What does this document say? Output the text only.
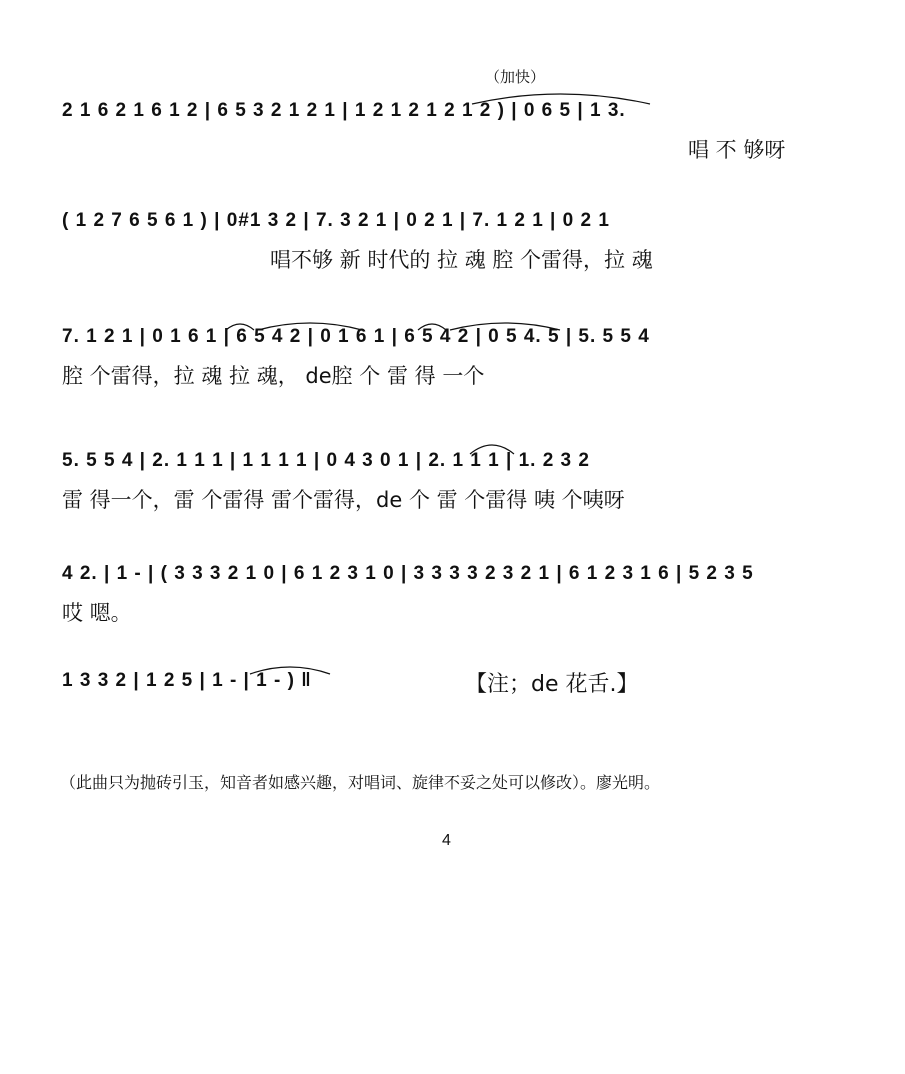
（加快）
2 1 6 2 1 6 1 2 | 6 5 3 2 1 2 1 | 1 2 1 2 1 2 1 2 ) | 0 6 5 | 1 3.
唱 不 够呀
( 1 2 7 6 5 6 1 ) | 0#1 3 2 | 7. 3 2 1 | 0 2 1 | 7. 1 2 1 | 0 2 1
唱不够 新 时代的 拉 魂 腔 个雷得，拉 魂
7. 1 2 1 | 0 1 6 1 | 6 5 4 2 | 0 1 6 1 | 6 5 4 2 | 0 5 4. 5 | 5. 5 5 4
腔 个雷得，拉 魂 拉 魂， de腔 个 雷 得 一个
5. 5 5 4 | 2. 1 1 1 | 1 1 1 1 | 0 4 3 0 1 | 2. 1 1 1 | 1. 2 3 2
雷 得一个，雷 个雷得 雷个雷得，de 个 雷 个雷得 咦 个咦呀
4 2. | 1 - | ( 3 3 3 2 1 0 | 6 1 2 3 1 0 | 3 3 3 3 2 3 2 1 | 6 1 2 3 1 6 | 5 2 3 5
哎 嗯。
1 3 3 2 | 1 2 5 | 1 - | 1 - ) ‖	【注；de 花舌.】
（此曲只为抛砖引玉，知音者如感兴趣，对唱词、旋律不妥之处可以修改）。廖光明。
4
